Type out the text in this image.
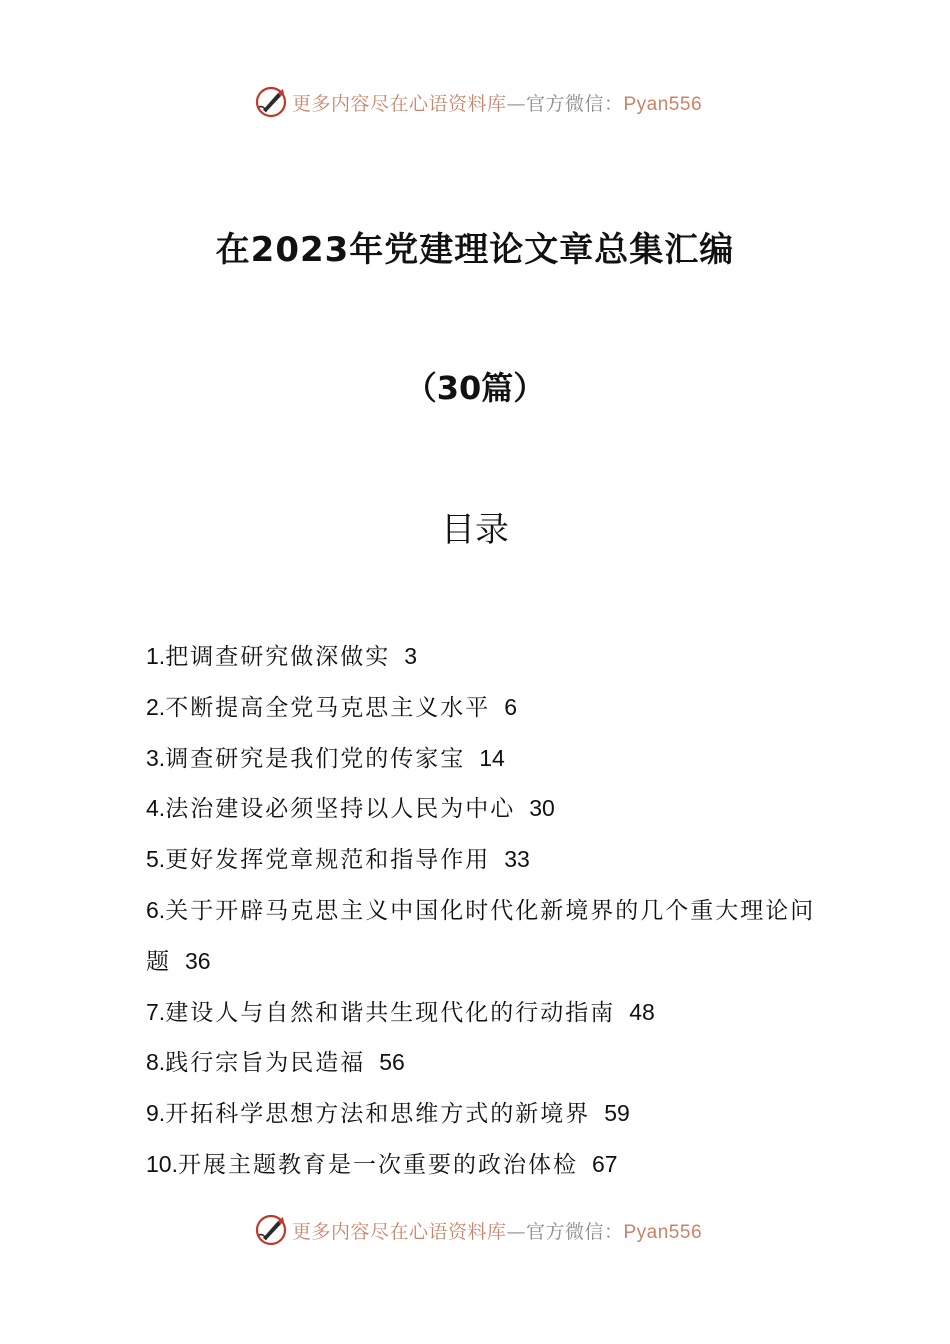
更多内容尽在心语资料库—官方微信：Pyan556
在2023年党建理论文章总集汇编
（30篇）
目录
1.把调查研究做深做实 3
2.不断提高全党马克思主义水平 6
3.调查研究是我们党的传家宝 14
4.法治建设必须坚持以人民为中心 30
5.更好发挥党章规范和指导作用 33
6.关于开辟马克思主义中国化时代化新境界的几个重大理论问题 36
7.建设人与自然和谐共生现代化的行动指南 48
8.践行宗旨为民造福 56
9.开拓科学思想方法和思维方式的新境界 59
10.开展主题教育是一次重要的政治体检 67
更多内容尽在心语资料库—官方微信：Pyan556
